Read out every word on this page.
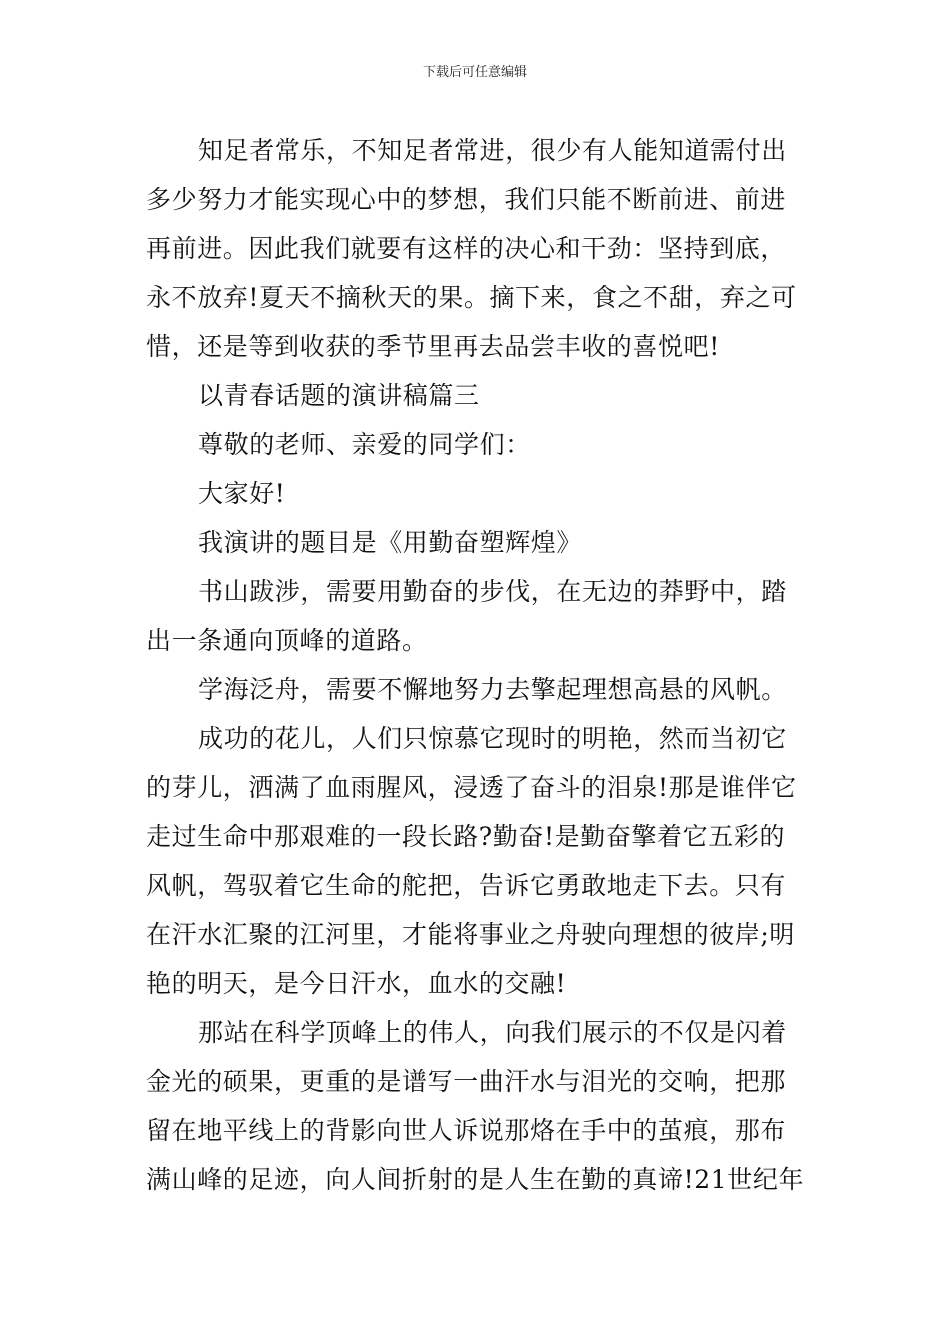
下载后可任意编辑

知足者常乐，不知足者常进，很少有人能知道需付出
多少努力才能实现心中的梦想，我们只能不断前进、前进
再前进。因此我们就要有这样的决心和干劲：坚持到底，
永不放弃!夏天不摘秋天的果。摘下来，食之不甜，弃之可
惜，还是等到收获的季节里再去品尝丰收的喜悦吧!

以青春话题的演讲稿篇三

尊敬的老师、亲爱的同学们：

大家好!

我演讲的题目是《用勤奋塑辉煌》

书山跋涉，需要用勤奋的步伐，在无边的莽野中，踏
出一条通向顶峰的道路。

学海泛舟，需要不懈地努力去擎起理想高悬的风帆。

成功的花儿，人们只惊慕它现时的明艳，然而当初它
的芽儿，洒满了血雨腥风，浸透了奋斗的泪泉!那是谁伴它
走过生命中那艰难的一段长路?勤奋!是勤奋擎着它五彩的
风帆，驾驭着它生命的舵把，告诉它勇敢地走下去。只有
在汗水汇聚的江河里，才能将事业之舟驶向理想的彼岸;明
艳的明天，是今日汗水，血水的交融!

那站在科学顶峰上的伟人，向我们展示的不仅是闪着
金光的硕果，更重的是谱写一曲汗水与泪光的交响，把那
留在地平线上的背影向世人诉说那烙在手中的茧痕，那布
满山峰的足迹，向人间折射的是人生在勤的真谛!21世纪年
